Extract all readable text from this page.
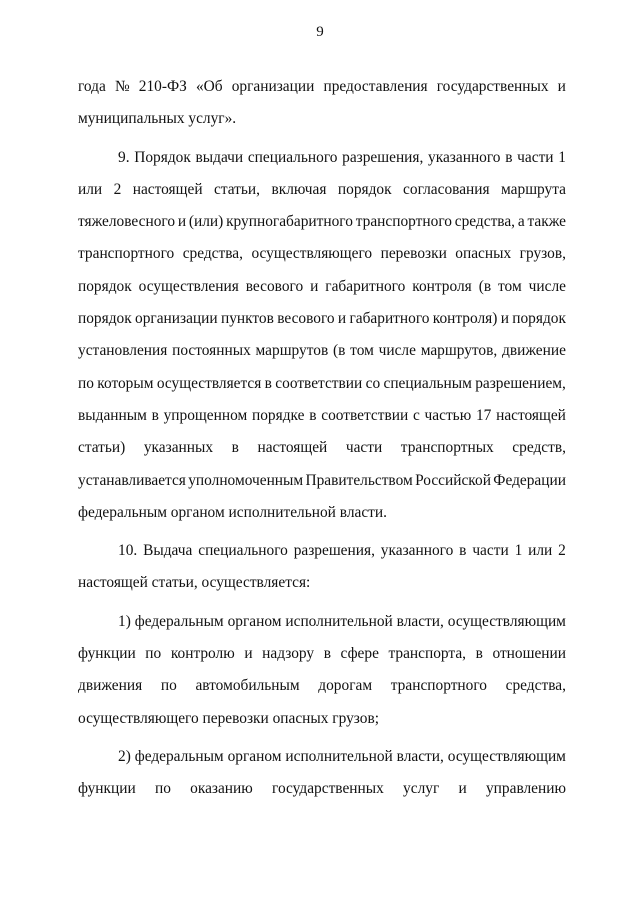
9
года № 210-ФЗ «Об организации предоставления государственных и
муниципальных услуг».
9. Порядок выдачи специального разрешения, указанного в части 1
или 2 настоящей статьи, включая порядок согласования маршрута
тяжеловесного и (или) крупногабаритного транспортного средства, а также
транспортного средства, осуществляющего перевозки опасных грузов,
порядок осуществления весового и габаритного контроля (в том числе
порядок организации пунктов весового и габаритного контроля) и порядок
установления постоянных маршрутов (в том числе маршрутов, движение
по которым осуществляется в соответствии со специальным разрешением,
выданным в упрощенном порядке в соответствии с частью 17 настоящей
статьи) указанных в настоящей части транспортных средств,
устанавливается уполномоченным Правительством Российской Федерации
федеральным органом исполнительной власти.
10. Выдача специального разрешения, указанного в части 1 или 2
настоящей статьи, осуществляется:
1) федеральным органом исполнительной власти, осуществляющим
функции по контролю и надзору в сфере транспорта, в отношении
движения по автомобильным дорогам транспортного средства,
осуществляющего перевозки опасных грузов;
2) федеральным органом исполнительной власти, осуществляющим
функции по оказанию государственных услуг и управлению
